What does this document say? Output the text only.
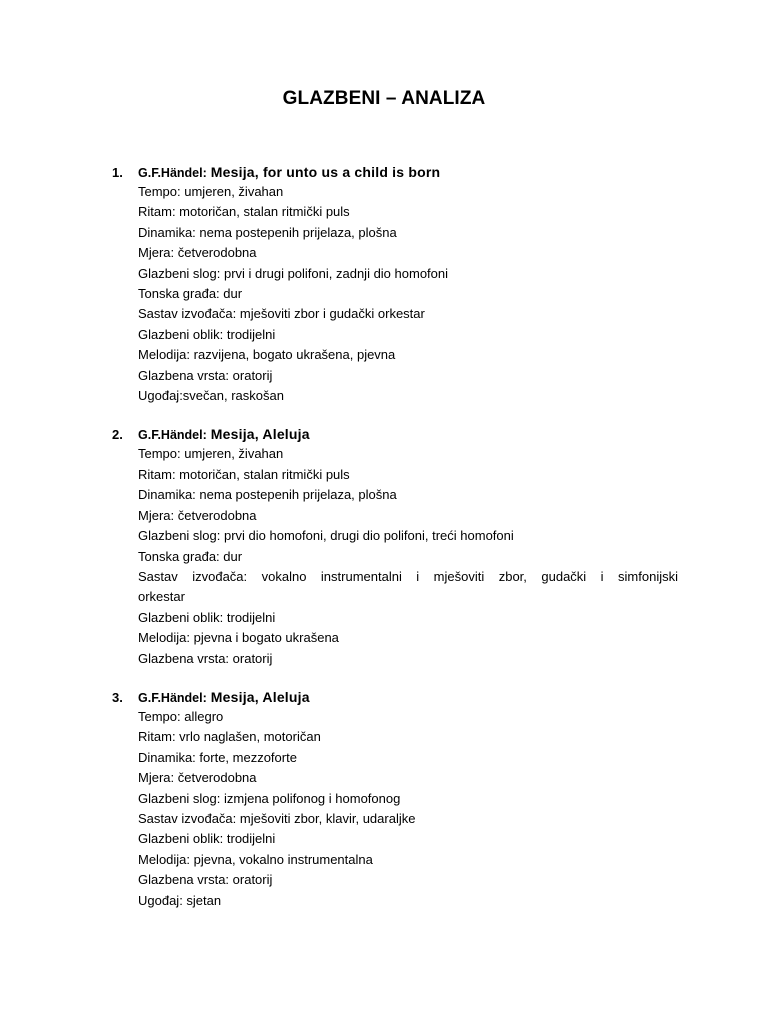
GLAZBENI – ANALIZA
1.	G.F.Händel: Mesija, for unto us a child is born
Tempo: umjeren, živahan
Ritam: motoričan, stalan ritmički puls
Dinamika: nema postepenih prijelaza, plošna
Mjera: četverodobna
Glazbeni slog: prvi i drugi polifoni, zadnji dio homofoni
Tonska građa: dur
Sastav izvođača: mješoviti zbor i gudački orkestar
Glazbeni oblik: trodijelni
Melodija: razvijena, bogato ukrašena, pjevna
Glazbena vrsta: oratorij
Ugođaj:svečan, raskošan
2.	G.F.Händel: Mesija, Aleluja
Tempo: umjeren, živahan
Ritam: motoričan, stalan ritmički puls
Dinamika: nema postepenih prijelaza, plošna
Mjera: četverodobna
Glazbeni slog: prvi dio homofoni, drugi dio polifoni, treći homofoni
Tonska građa: dur
Sastav izvođača: vokalno instrumentalni i mješoviti zbor, gudački i simfonijski
orkestar
Glazbeni oblik: trodijelni
Melodija: pjevna i bogato ukrašena
Glazbena vrsta: oratorij
3.	G.F.Händel: Mesija, Aleluja
Tempo: allegro
Ritam: vrlo naglašen, motoričan
Dinamika: forte, mezzoforte
Mjera: četverodobna
Glazbeni slog: izmjena polifonog i homofonog
Sastav izvođača: mješoviti zbor, klavir, udaraljke
Glazbeni oblik: trodijelni
Melodija: pjevna, vokalno instrumentalna
Glazbena vrsta: oratorij
Ugođaj: sjetan
